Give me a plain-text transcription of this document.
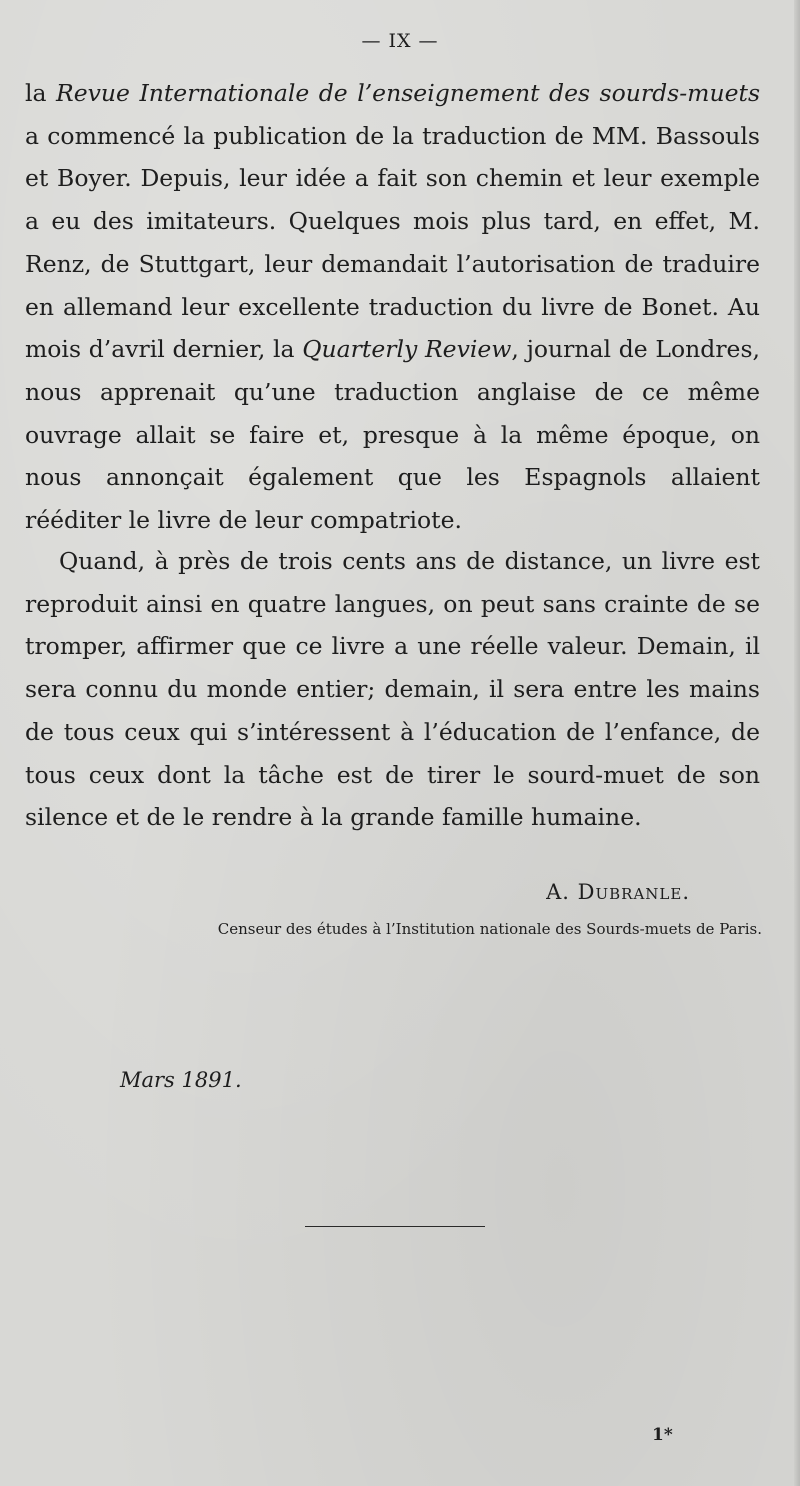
— IX —

la Revue Internationale de l’enseignement des sourds-muets a commencé la publication de la traduction de MM. Bassouls et Boyer. Depuis, leur idée a fait son chemin et leur exemple a eu des imitateurs. Quelques mois plus tard, en effet, M. Renz, de Stuttgart, leur demandait l’autorisation de traduire en allemand leur excellente traduction du livre de Bonet. Au mois d’avril dernier, la Quarterly Review, journal de Londres, nous apprenait qu’une traduction anglaise de ce même ouvrage allait se faire et, presque à la même époque, on nous annonçait également que les Espagnols allaient rééditer le livre de leur compatriote.

Quand, à près de trois cents ans de distance, un livre est reproduit ainsi en quatre langues, on peut sans crainte de se tromper, affirmer que ce livre a une réelle valeur. Demain, il sera connu du monde entier; demain, il sera entre les mains de tous ceux qui s’intéressent à l’éducation de l’enfance, de tous ceux dont la tâche est de tirer le sourd-muet de son silence et de le rendre à la grande famille humaine.

A. Dubranle.
Censeur des études à l’Institution nationale des Sourds-muets de Paris.
Mars 1891.
1*
